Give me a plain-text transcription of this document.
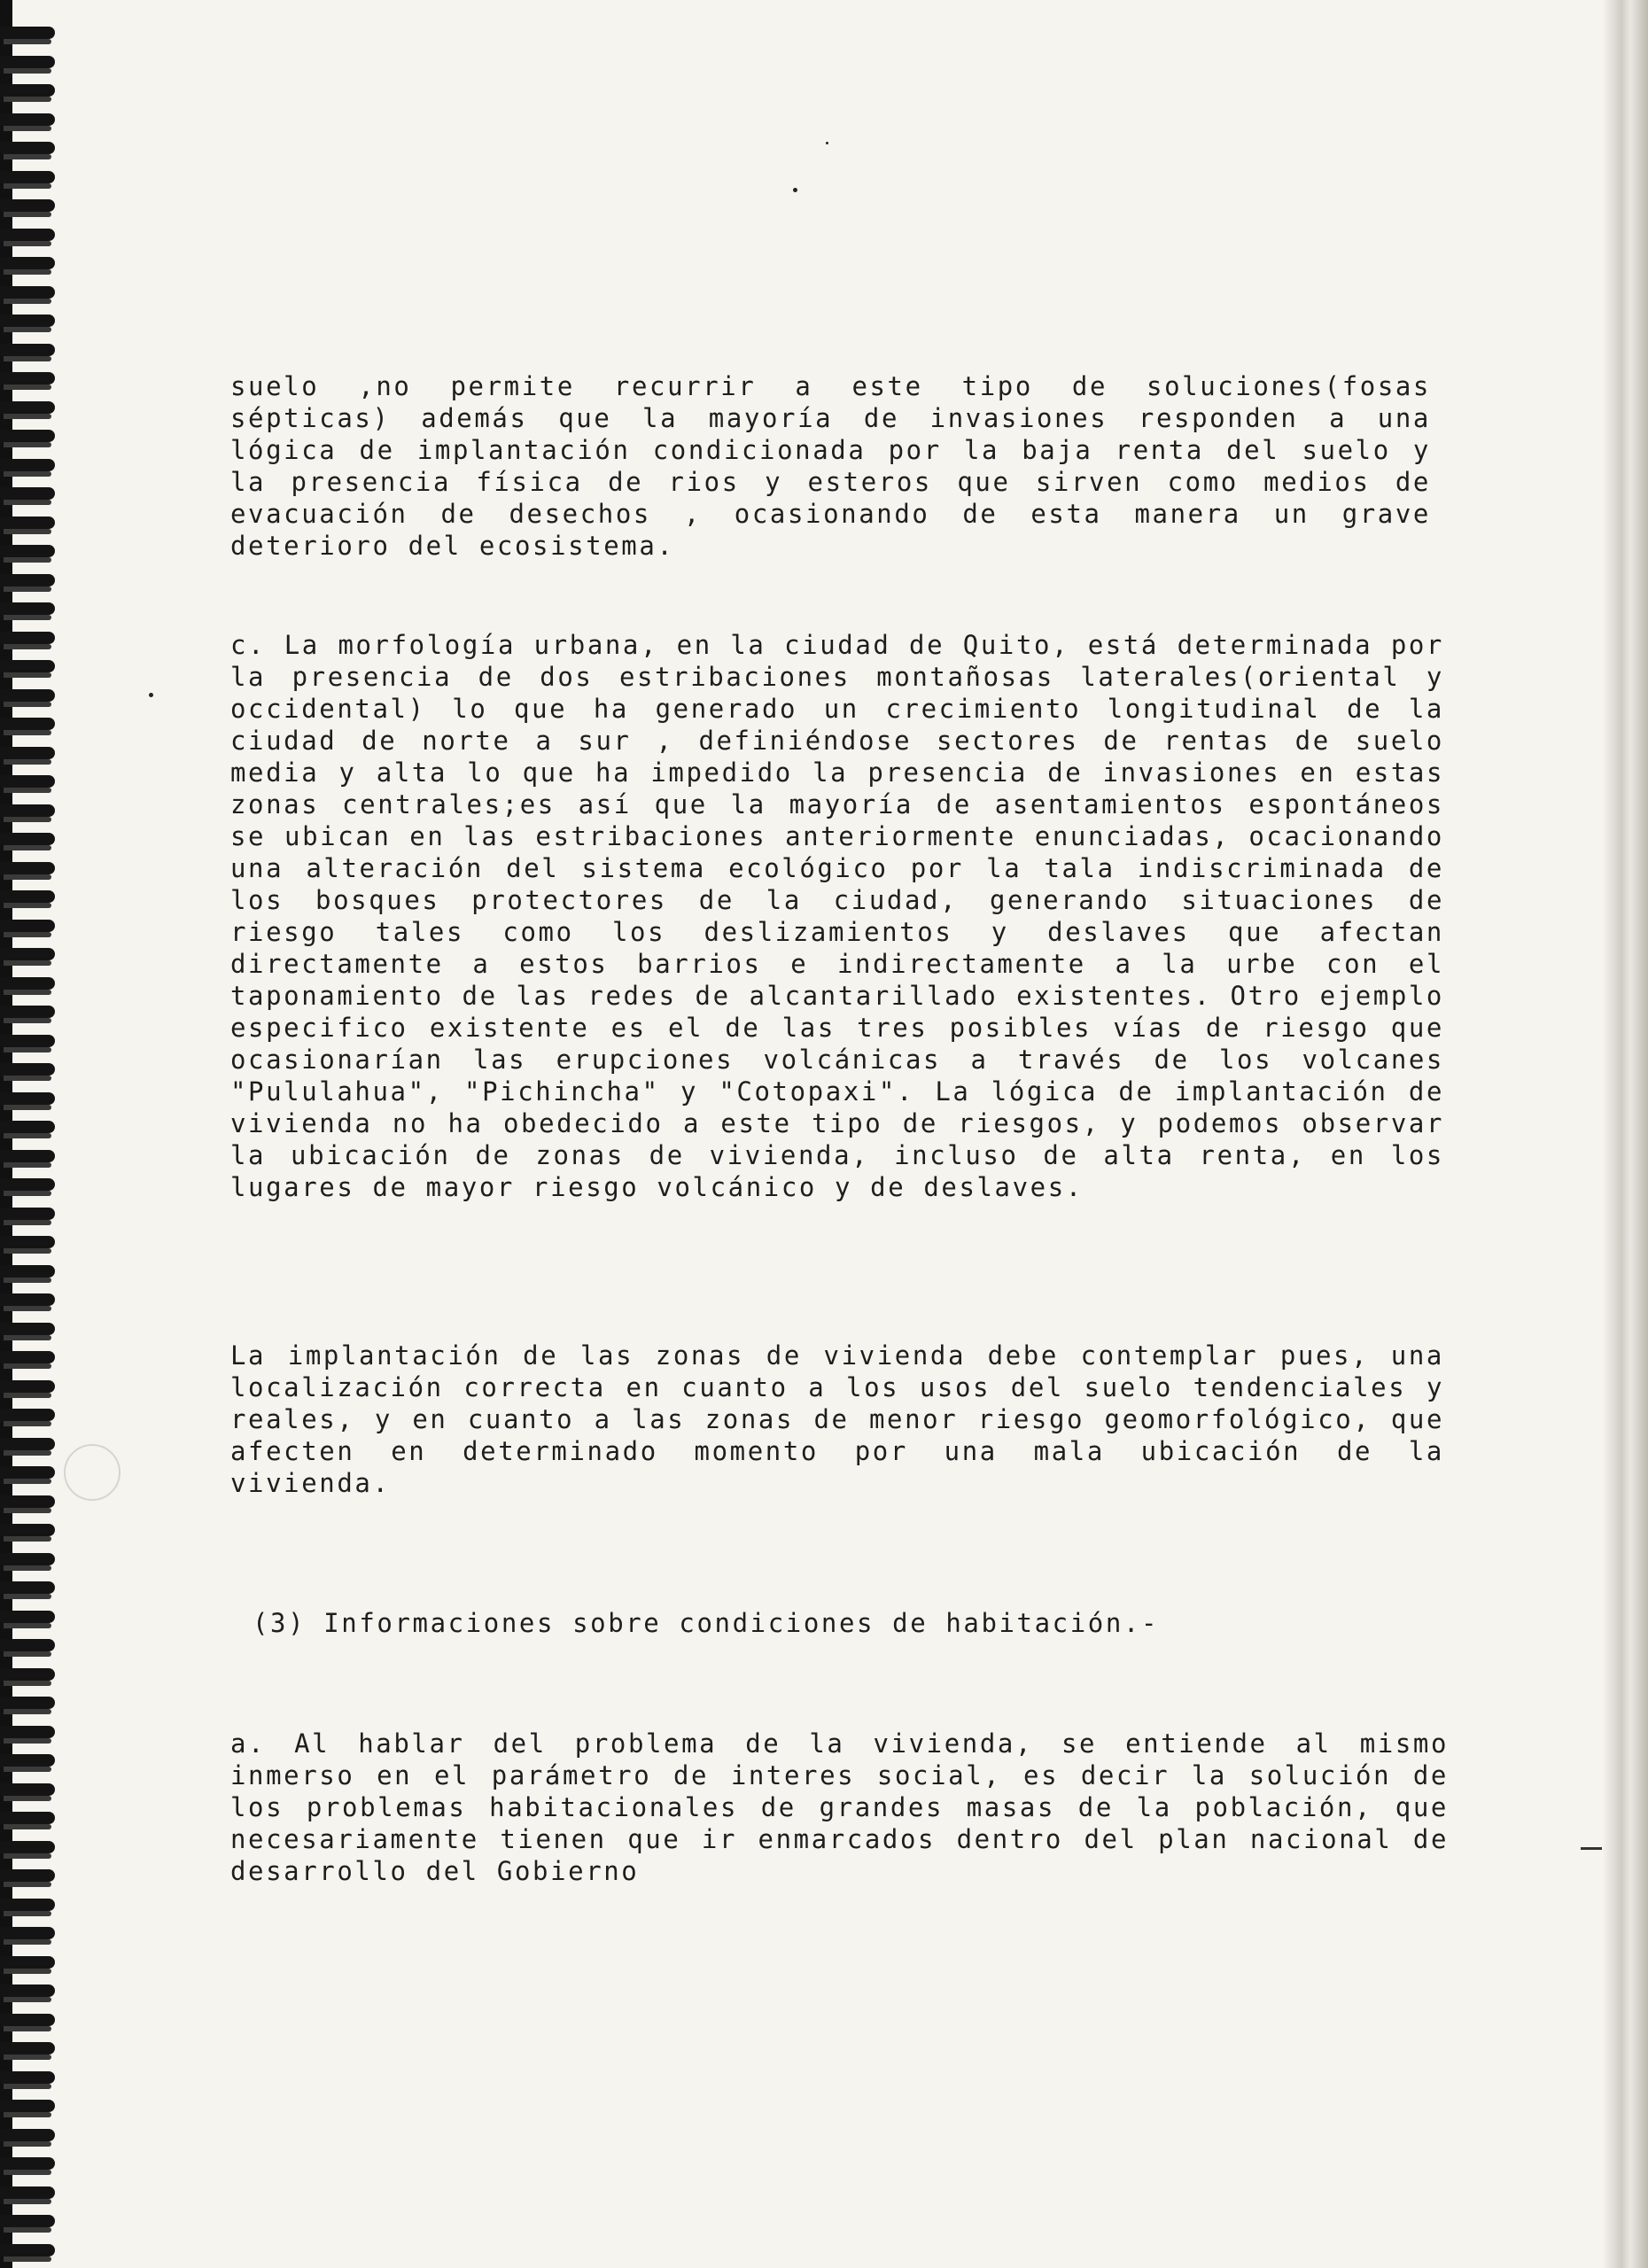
suelo ,no permite recurrir a este tipo de soluciones(fosas sépticas) además que la mayoría de invasiones responden a una lógica de implantación condicionada por la baja renta del suelo y la presencia física de rios y esteros que sirven como medios de evacuación de desechos , ocasionando de esta manera un grave deterioro del ecosistema.
c. La morfología urbana, en la ciudad de Quito, está determinada por la presencia de dos estribaciones montañosas laterales(oriental y occidental) lo que ha generado un crecimiento longitudinal de la ciudad de norte a sur , definiéndose sectores de rentas de suelo media y alta lo que ha impedido la presencia de invasiones en estas zonas centrales;es así que la mayoría de asentamientos espontáneos se ubican en las estribaciones anteriormente enunciadas, ocacionando una alteración del sistema ecológico por la tala indiscriminada de los bosques protectores de la ciudad, generando situaciones de riesgo tales como los deslizamientos y deslaves que afectan directamente a estos barrios e indirectamente a la urbe con el taponamiento de las redes de alcantarillado existentes. Otro ejemplo especifico existente es el de las tres posibles vías de riesgo que ocasionarían las erupciones volcánicas a través de los volcanes "Pululahua", "Pichincha" y "Cotopaxi". La lógica de implantación de vivienda no ha obedecido a este tipo de riesgos, y podemos observar la ubicación de zonas de vivienda, incluso de alta renta, en los lugares de mayor riesgo volcánico y de deslaves.
La implantación de las zonas de vivienda debe contemplar pues, una localización correcta en cuanto a los usos del suelo tendenciales y reales, y en cuanto a las zonas de menor riesgo geomorfológico, que afecten en determinado momento por una mala ubicación de la vivienda.
(3) Informaciones sobre condiciones de habitación.-
a. Al hablar del problema de la vivienda, se entiende al mismo inmerso en el parámetro de interes social, es decir la solución de los problemas habitacionales de grandes masas de la población, que necesariamente tienen que ir enmarcados dentro del plan nacional de desarrollo del Gobierno
